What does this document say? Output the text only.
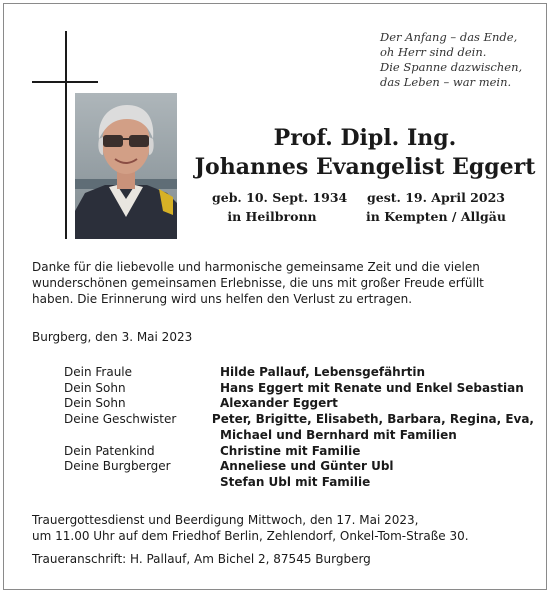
Der Anfang – das Ende,
oh Herr sind dein.
Die Spanne dazwischen,
das Leben – war mein.
Prof. Dipl. Ing.
Johannes Evangelist Eggert
geb. 10. Sept. 1934
in Heilbronn
gest. 19. April 2023
in Kempten / Allgäu
Danke für die liebevolle und harmonische gemeinsame Zeit und die vielen
wunderschönen gemeinsamen Erlebnisse, die uns mit großer Freude erfüllt
haben. Die Erinnerung wird uns helfen den Verlust zu ertragen.
Burgberg, den 3. Mai 2023
Dein Fraule	Hilde Pallauf, Lebensgefährtin
Dein Sohn	Hans Eggert mit Renate und Enkel Sebastian
Dein Sohn	Alexander Eggert
Deine Geschwister	Peter, Brigitte, Elisabeth, Barbara, Regina, Eva,
Michael und Bernhard mit Familien
Dein Patenkind	Christine mit Familie
Deine Burgberger	Anneliese und Günter Ubl
Stefan Ubl mit Familie
Trauergottesdienst und Beerdigung Mittwoch, den 17. Mai 2023,
um 11.00 Uhr auf dem Friedhof Berlin, Zehlendorf, Onkel-Tom-Straße 30.
Traueranschrift: H. Pallauf, Am Bichel 2, 87545 Burgberg
